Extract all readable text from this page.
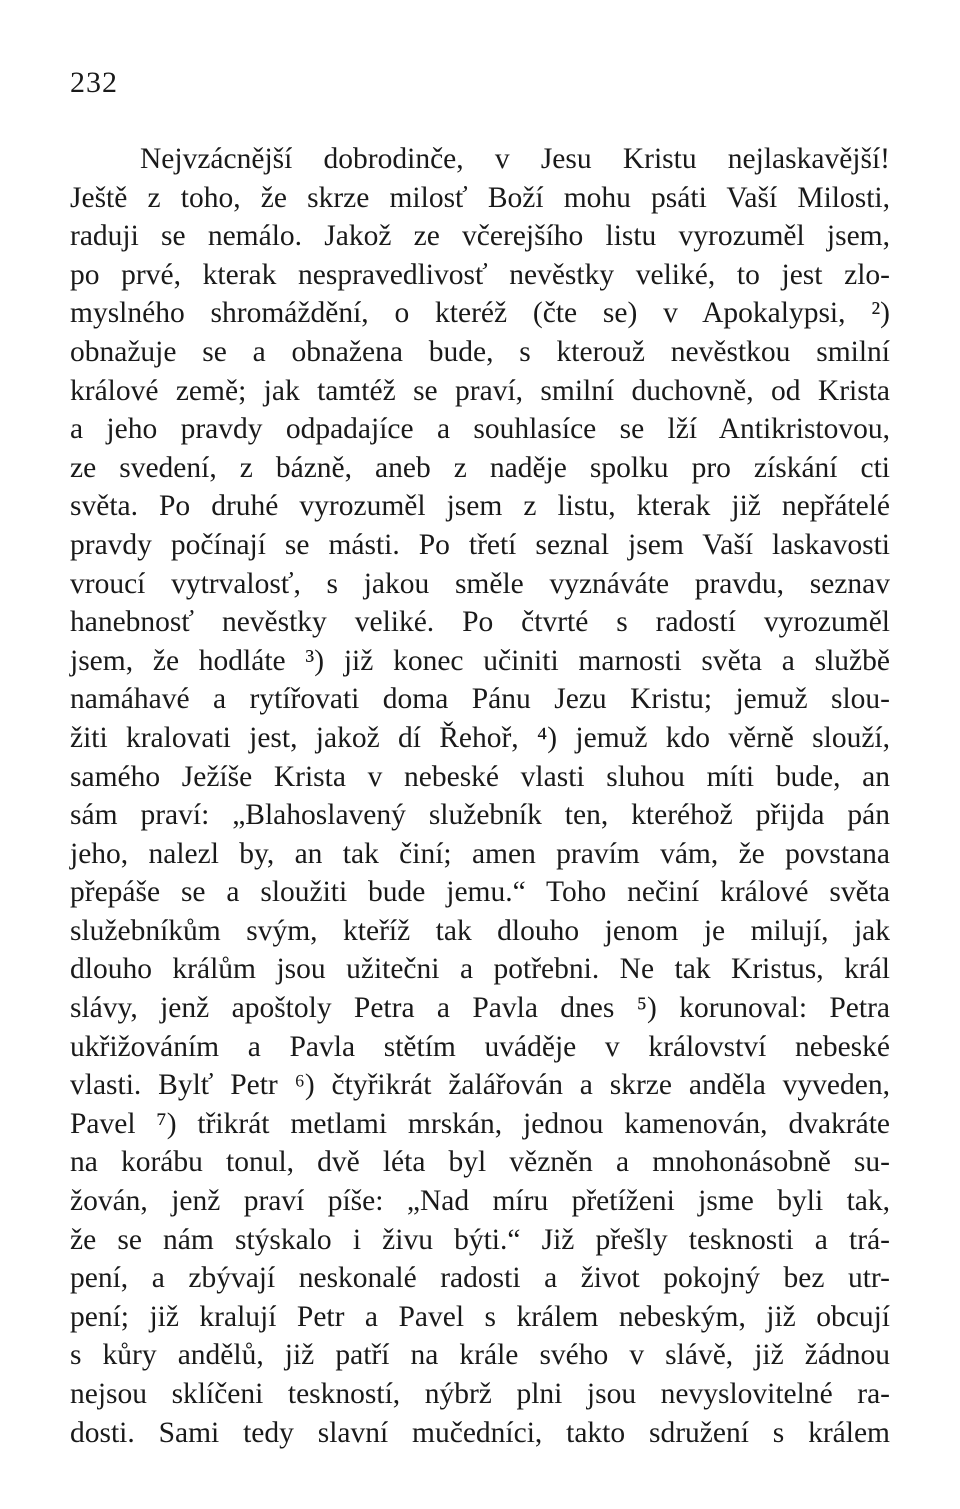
232
Nejvzácnější dobrodinče, v Jesu Kristu nejlaskavější!
Ještě z toho, že skrze milosť Boží mohu psáti Vaší Milosti,
raduji se nemálo. Jakož ze včerejšího listu vyrozuměl jsem,
po prvé, kterak nespravedlivosť nevěstky veliké, to jest zlo-
myslného shromáždění, o kteréž (čte se) v Apokalypsi, ²)
obnažuje se a obnažena bude, s kterouž nevěstkou smilní
králové země; jak tamtéž se praví, smilní duchovně, od Krista
a jeho pravdy odpadajíce a souhlasíce se lží Antikristovou,
ze svedení, z bázně, aneb z naděje spolku pro získání cti
světa. Po druhé vyrozuměl jsem z listu, kterak již nepřátelé
pravdy počínají se másti. Po třetí seznal jsem Vaší laskavosti
vroucí vytrvalosť, s jakou směle vyznáváte pravdu, seznav
hanebnosť nevěstky veliké. Po čtvrté s radostí vyrozuměl
jsem, že hodláte ³) již konec učiniti marnosti světa a službě
namáhavé a rytířovati doma Pánu Jezu Kristu; jemuž slou-
žiti kralovati jest, jakož dí Řehoř, ⁴) jemuž kdo věrně slouží,
samého Ježíše Krista v nebeské vlasti sluhou míti bude, an
sám praví: „Blahoslavený služebník ten, kteréhož přijda pán
jeho, nalezl by, an tak činí; amen pravím vám, že povstana
přepáše se a sloužiti bude jemu.“ Toho nečiní králové světa
služebníkům svým, kteříž tak dlouho jenom je milují, jak
dlouho králům jsou užitečni a potřebni. Ne tak Kristus, král
slávy, jenž apoštoly Petra a Pavla dnes ⁵) korunoval: Petra
ukřižováním a Pavla stětím uváděje v království nebeské
vlasti. Bylť Petr ⁶) čtyřikrát žalářován a skrze anděla vyveden,
Pavel ⁷) třikrát metlami mrskán, jednou kamenován, dvakráte
na korábu tonul, dvě léta byl vězněn a mnohonásobně su-
žován, jenž praví píše: „Nad míru přetíženi jsme byli tak,
že se nám stýskalo i živu býti.“ Již přešly tesknosti a trá-
pení, a zbývají neskonalé radosti a život pokojný bez utr-
pení; již kralují Petr a Pavel s králem nebeským, již obcují
s kůry andělů, již patří na krále svého v slávě, již žádnou
nejsou sklíčeni teskností, nýbrž plni jsou nevyslovitelné ra-
dosti. Sami tedy slavní mučedníci, takto sdružení s králem
